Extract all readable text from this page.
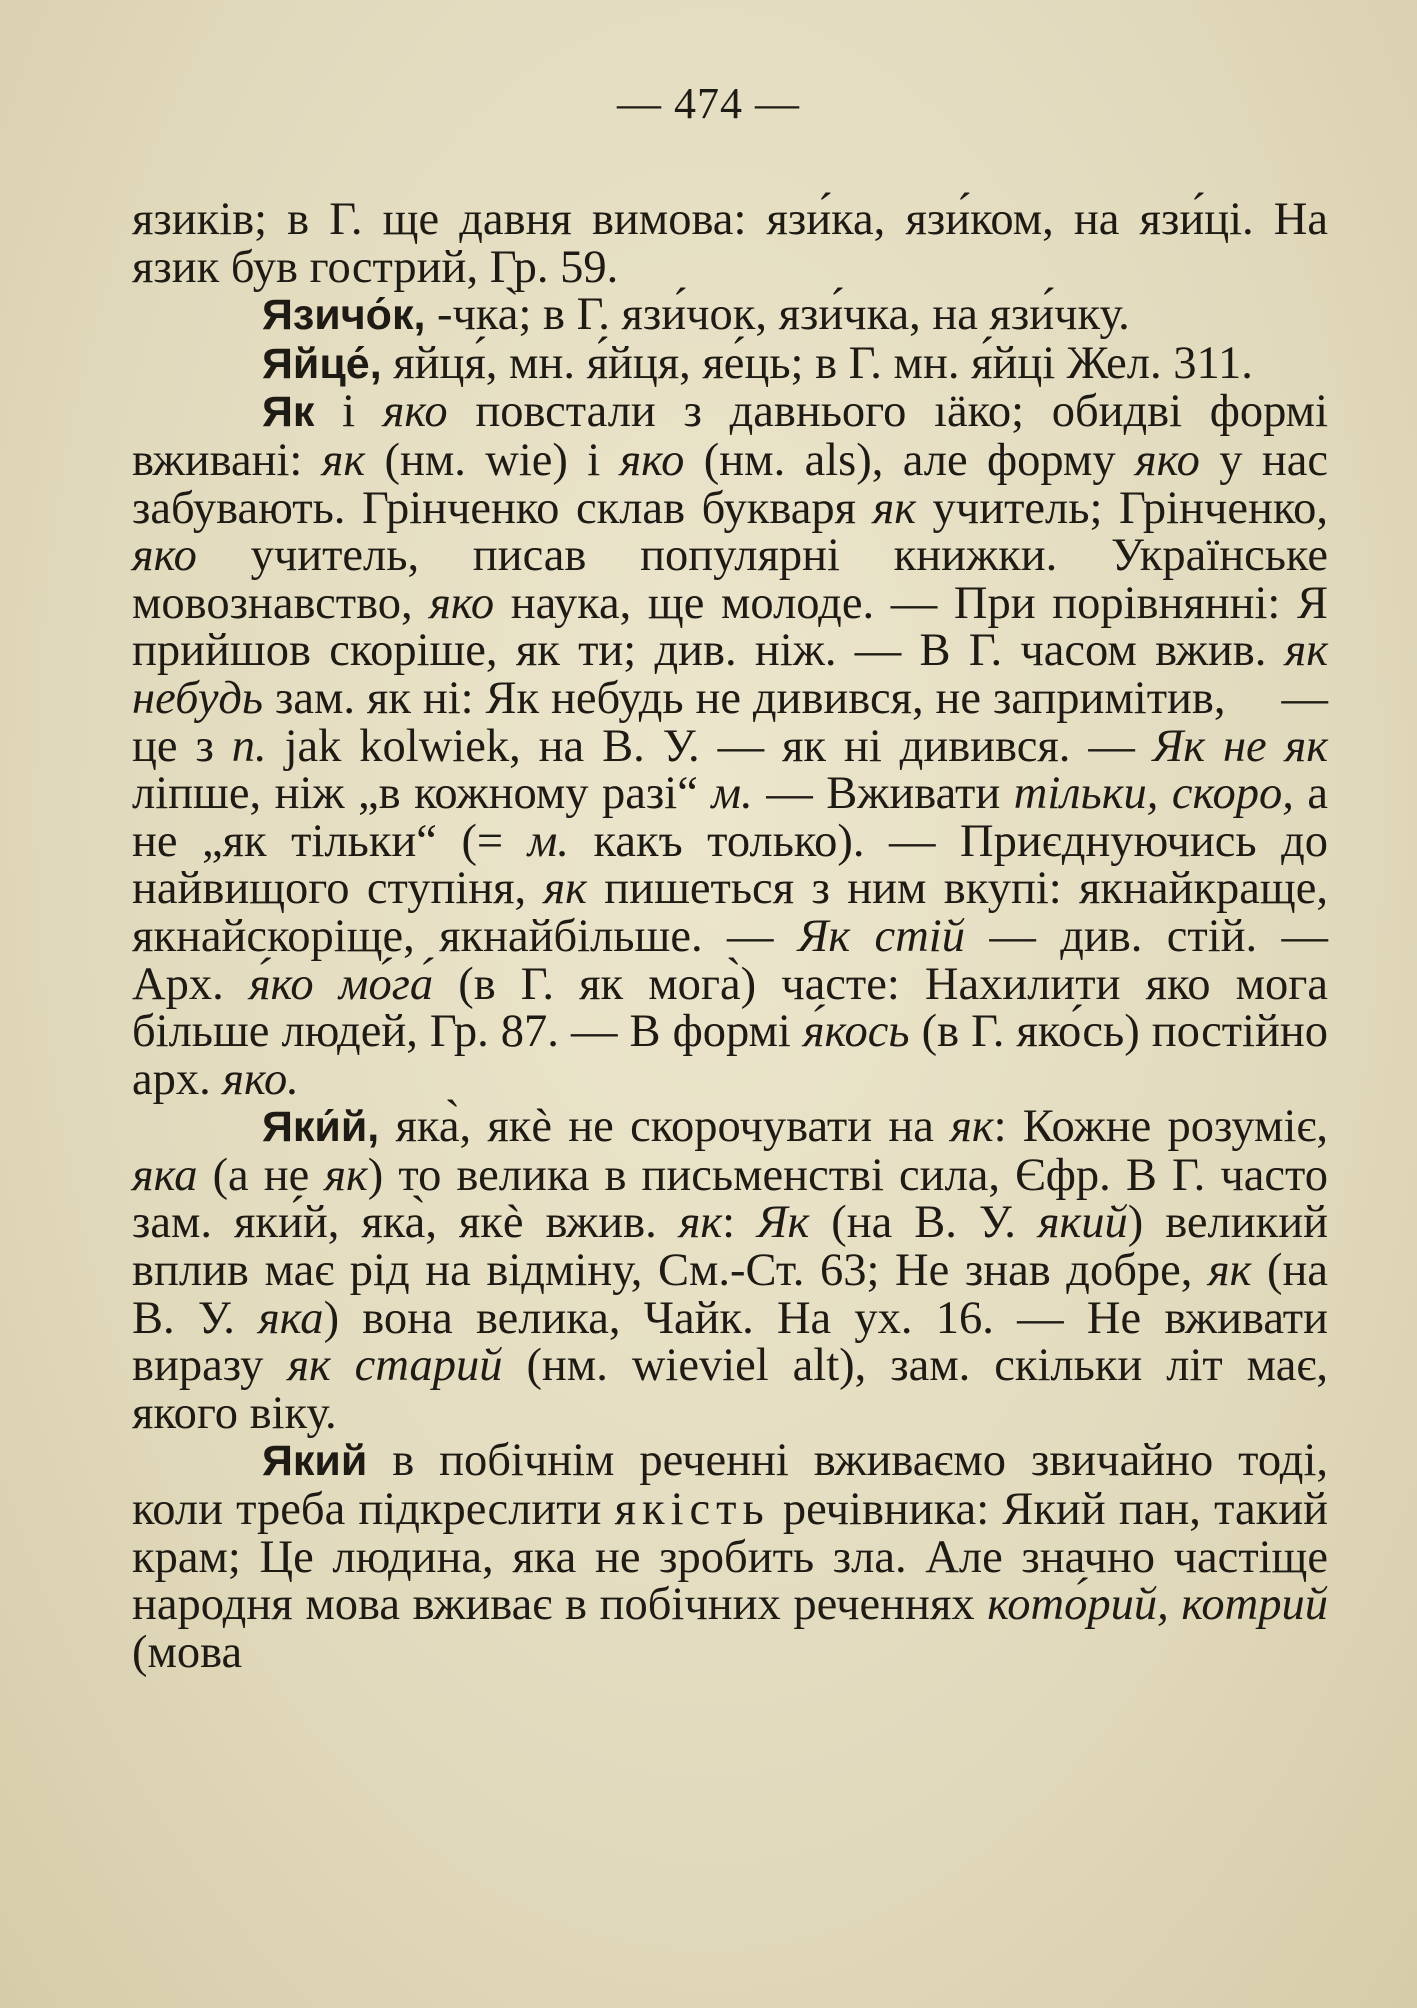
— 474 —

язиків; в Г. ще давня вимова: язи́ка, язи́ком, на язи́ці. На язик був гострий, Гр. 59.

Язичо́к, -чка̀; в Г. язи́чок, язи́чка, на язи́чку.

Яйце́, яйця́, мн. я́йця, яе́ць; в Г. мн. я́йці Жел. 311.

Як і яко повстали з давнього ıäко; обидві формі вживані: як (нм. wie) і яко (нм. als), але форму яко у нас забувають. Грінченко склав букваря як учитель; Грінченко, яко учитель, писав популярні книжки. Українське мовознавство, яко наука, ще молоде. — При порівнянні: Я прийшов скоріше, як ти; див. ніж. — В Г. часом вжив. як небудь зам. як ні: Як небудь не дивився, не запримітив, — це з п. jak kolwiek, на В. У. — як ні дивився. — Як не як ліпше, ніж „в кожному разі“ м. — Вживати тільки, скоро, а не „як тільки“ (= м. какъ только). — Приєднуючись до найвищого ступіня, як пишеться з ним вкупі: якнайкраще, якнайскоріще, якнайбільше. — Як стій — див. стій. — Арх. я́ко мо́га́ (в Г. як мога̀) часте: Нахилити яко мога більше людей, Гр. 87. — В формі я́кось (в Г. яко́сь) постійно арх. яко.

Яки́й, яка̀, якѐ не скорочувати на як: Кожне розуміє, яка (а не як) то велика в письменстві сила, Єфр. В Г. часто зам. яки́й, яка̀, якѐ вжив. як: Як (на В. У. який) великий вплив має рід на відміну, См.-Ст. 63; Не знав добре, як (на В. У. яка) вона велика, Чайк. На ух. 16. — Не вживати виразу як старий (нм. wieviel alt), зам. скільки літ має, якого віку.

Який в побічнім реченні вживаємо звичайно тоді, коли треба підкреслити якість речівника: Який пан, такий крам; Це людина, яка не зробить зла. Але значно частіще народня мова вживає в побічних реченнях кото́рий, котрий (мова
